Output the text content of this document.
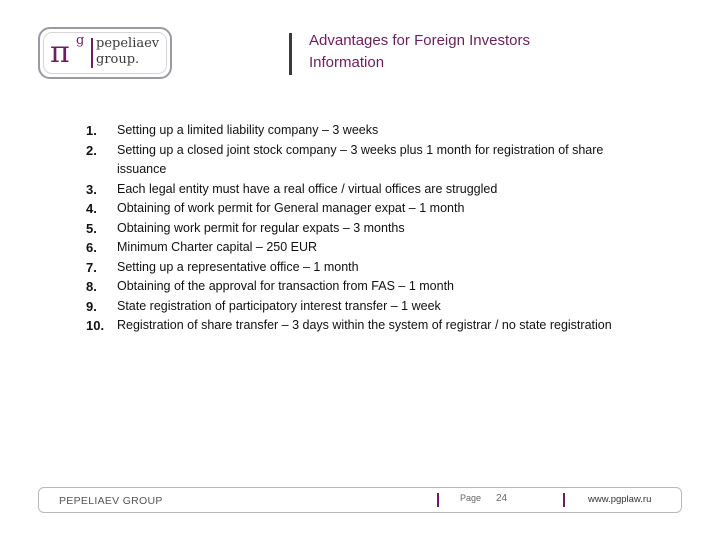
π g pepeliaev
group.
Advantages for Foreign Investors
Information
1.	Setting up a limited liability company – 3 weeks
2.	Setting up a closed joint stock company – 3 weeks plus 1 month for registration of share issuance
3.	Each legal entity must have a real office / virtual offices are struggled
4.	Obtaining of work permit for General manager expat – 1 month
5.	Obtaining work permit for regular expats – 3 months
6.	Minimum Charter capital – 250 EUR
7.	Setting up a representative office – 1 month
8.	Obtaining of the approval for transaction from FAS – 1 month
9.	State registration of participatory interest transfer – 1 week
10.	Registration of share transfer – 3 days within the system of registrar / no state registration
PEPELIAEV GROUP	Page 24	www.pgplaw.ru
